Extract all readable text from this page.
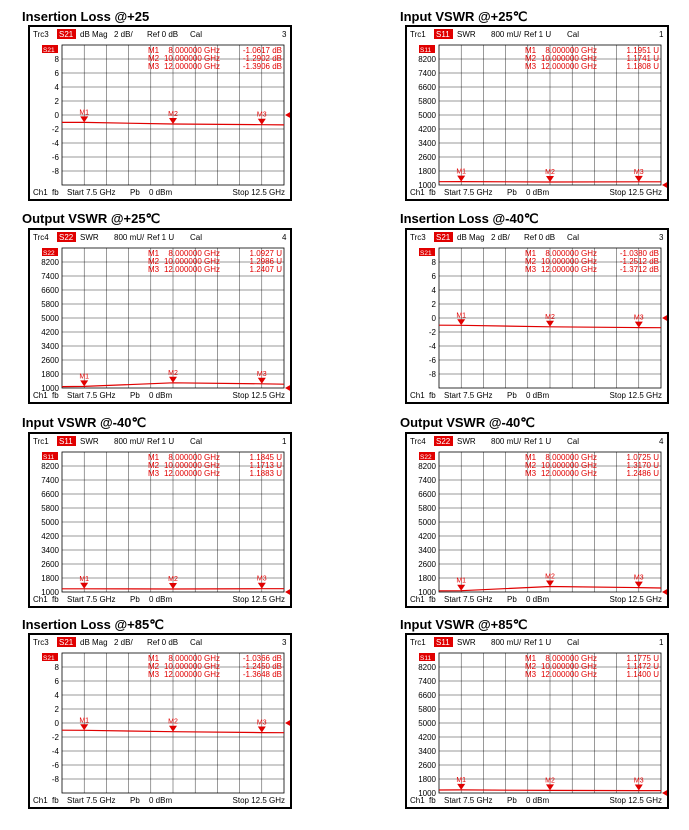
Insertion Loss @+25
Trc3 S21 dB Mag 2 dB/ Ref 0 dB Cal	3
8
6
4
2
0
-2
-4
-6
-8
S21	M1 8.000000 GHz	-1.0617 dB
M2 10.000000 GHz	-1.2902 dB
M3 12.000000 GHz	-1.3906 dB
M1	M2	M3
Ch1 fb Start 7.5 GHz Pb 0 dBm	Stop 12.5 GHz
Input VSWR @+25℃
Trc1 S11 SWR 800 mU/ Ref 1 U Cal	1
8200
7400
6600
5800
5000
4200
3400
2600
1800
1000
S11	M1 8.000000 GHz	1.1951 U
M2 10.000000 GHz	1.1741 U
M3 12.000000 GHz	1.1808 U
M1	M2	M3
Ch1 fb Start 7.5 GHz Pb 0 dBm	Stop 12.5 GHz
Output VSWR @+25℃
Trc4 S22 SWR 800 mU/ Ref 1 U Cal	4
8200
7400
6600
5800
5000
4200
3400
2600
1800
1000
S22	M1 8.000000 GHz	1.0927 U
M2 10.000000 GHz	1.2986 U
M3 12.000000 GHz	1.2407 U
M1
M2	M3
Ch1 fb Start 7.5 GHz Pb 0 dBm	Stop 12.5 GHz
Insertion Loss @-40℃
Trc3 S21 dB Mag 2 dB/ Ref 0 dB Cal	3
8
6
4
2
0
-2
-4
-6
-8
S21	M1 8.000000 GHz	-1.0380 dB
M2 10.000000 GHz	-1.2512 dB
M3 12.000000 GHz	-1.3712 dB
M1	M2	M3
Ch1 fb Start 7.5 GHz Pb 0 dBm	Stop 12.5 GHz
Input VSWR @-40℃
Trc1 S11 SWR 800 mU/ Ref 1 U Cal	1
8200
7400
6600
5800
5000
4200
3400
2600
1800
1000
S11	M1 8.000000 GHz	1.1845 U
M2 10.000000 GHz	1.1713 U
M3 12.000000 GHz	1.1883 U
M1	M2	M3
Ch1 fb Start 7.5 GHz Pb 0 dBm	Stop 12.5 GHz
Output VSWR @-40℃
Trc4 S22 SWR 800 mU/ Ref 1 U Cal	4
8200
7400
6600
5800
5000
4200
3400
2600
1800
1000
S22	M1 8.000000 GHz	1.0725 U
M2 10.000000 GHz	1.3170 U
M3 12.000000 GHz	1.2486 U
M1
M2	M3
Ch1 fb Start 7.5 GHz Pb 0 dBm	Stop 12.5 GHz
Insertion Loss @+85℃
Trc3 S21 dB Mag 2 dB/ Ref 0 dB Cal	3
8
6
4
2
0
-2
-4
-6
-8
S21	M1 8.000000 GHz	-1.0366 dB
M2 10.000000 GHz	-1.2450 dB
M3 12.000000 GHz	-1.3648 dB
M1	M2	M3
Ch1 fb Start 7.5 GHz Pb 0 dBm	Stop 12.5 GHz
Input VSWR @+85℃
Trc1 S11 SWR 800 mU/ Ref 1 U Cal	1
8200
7400
6600
5800
5000
4200
3400
2600
1800
1000
S11	M1 8.000000 GHz	1.1775 U
M2 10.000000 GHz	1.1472 U
M3 12.000000 GHz	1.1400 U
M1	M2	M3
Ch1 fb Start 7.5 GHz Pb 0 dBm	Stop 12.5 GHz
